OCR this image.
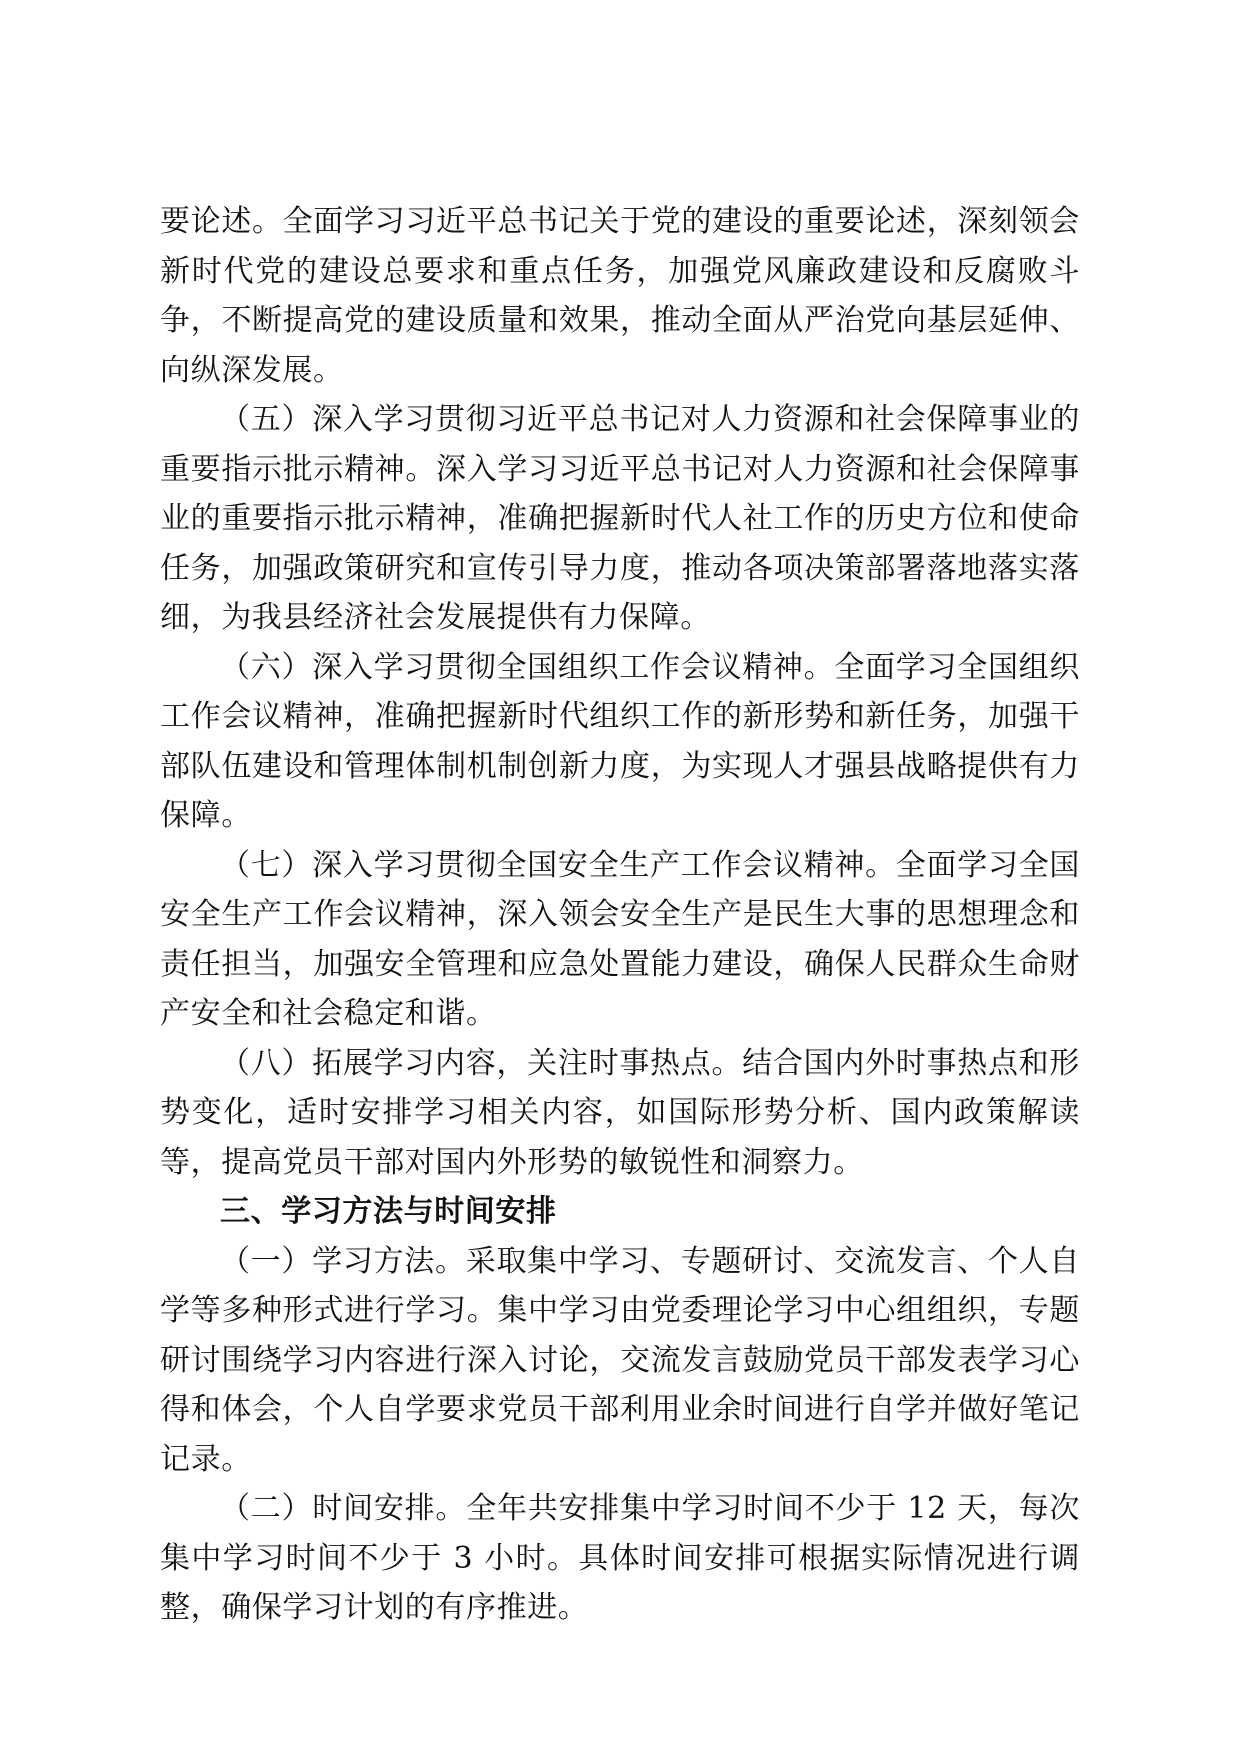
要论述。全面学习习近平总书记关于党的建设的重要论述，深刻领会新时代党的建设总要求和重点任务，加强党风廉政建设和反腐败斗争，不断提高党的建设质量和效果，推动全面从严治党向基层延伸、向纵深发展。

（五）深入学习贯彻习近平总书记对人力资源和社会保障事业的重要指示批示精神。深入学习习近平总书记对人力资源和社会保障事业的重要指示批示精神，准确把握新时代人社工作的历史方位和使命任务，加强政策研究和宣传引导力度，推动各项决策部署落地落实落细，为我县经济社会发展提供有力保障。

（六）深入学习贯彻全国组织工作会议精神。全面学习全国组织工作会议精神，准确把握新时代组织工作的新形势和新任务，加强干部队伍建设和管理体制机制创新力度，为实现人才强县战略提供有力保障。

（七）深入学习贯彻全国安全生产工作会议精神。全面学习全国安全生产工作会议精神，深入领会安全生产是民生大事的思想理念和责任担当，加强安全管理和应急处置能力建设，确保人民群众生命财产安全和社会稳定和谐。

（八）拓展学习内容，关注时事热点。结合国内外时事热点和形势变化，适时安排学习相关内容，如国际形势分析、国内政策解读等，提高党员干部对国内外形势的敏锐性和洞察力。

三、学习方法与时间安排

（一）学习方法。采取集中学习、专题研讨、交流发言、个人自学等多种形式进行学习。集中学习由党委理论学习中心组组织，专题研讨围绕学习内容进行深入讨论，交流发言鼓励党员干部发表学习心得和体会，个人自学要求党员干部利用业余时间进行自学并做好笔记记录。

（二）时间安排。全年共安排集中学习时间不少于 12 天，每次集中学习时间不少于 3 小时。具体时间安排可根据实际情况进行调整，确保学习计划的有序推进。
